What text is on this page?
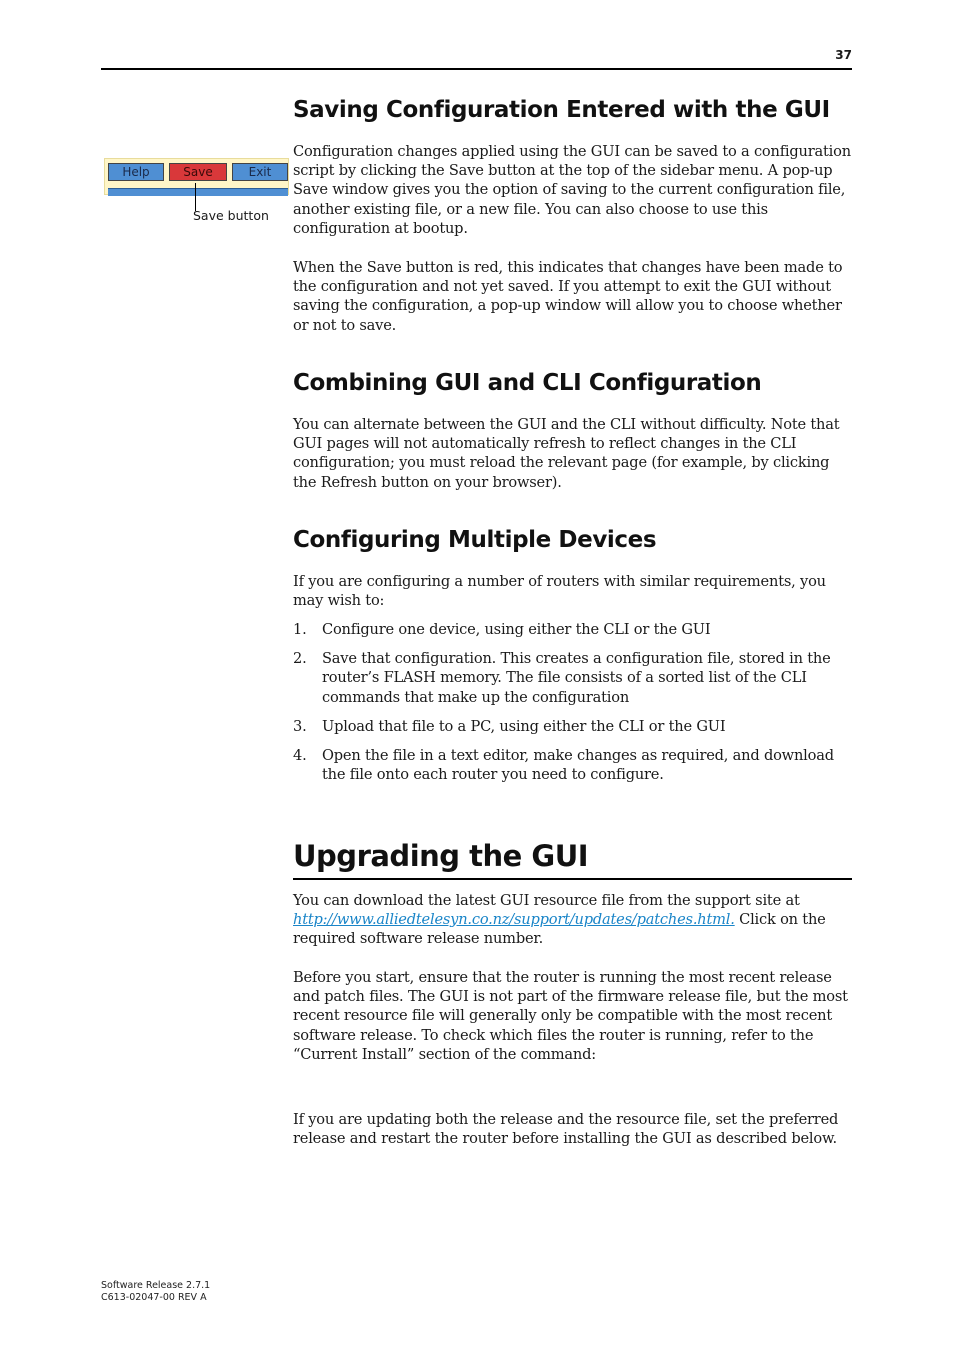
37
Help	Save	Exit
Save button
Saving Configuration Entered with the GUI

Configuration changes applied using the GUI can be saved to a configuration script by clicking the Save button at the top of the sidebar menu. A pop-up Save window gives you the option of saving to the current configuration file, another existing file, or a new file. You can also choose to use this configuration at bootup.

When the Save button is red, this indicates that changes have been made to the configuration and not yet saved. If you attempt to exit the GUI without saving the configuration, a pop-up window will allow you to choose whether or not to save.

Combining GUI and CLI Configuration

You can alternate between the GUI and the CLI without difficulty. Note that GUI pages will not automatically refresh to reflect changes in the CLI configuration; you must reload the relevant page (for example, by clicking the Refresh button on your browser).

Configuring Multiple Devices

If you are configuring a number of routers with similar requirements, you may wish to:

1. Configure one device, using either the CLI or the GUI
2. Save that configuration. This creates a configuration file, stored in the router’s FLASH memory. The file consists of a sorted list of the CLI commands that make up the configuration
3. Upload that file to a PC, using either the CLI or the GUI
4. Open the file in a text editor, make changes as required, and download the file onto each router you need to configure.
Upgrading the GUI

You can download the latest GUI resource file from the support site at http://www.alliedtelesyn.co.nz/support/updates/patches.html. Click on the required software release number.

Before you start, ensure that the router is running the most recent release and patch files. The GUI is not part of the firmware release file, but the most recent resource file will generally only be compatible with the most recent software release. To check which files the router is running, refer to the “Current Install” section of the command:

If you are updating both the release and the resource file, set the preferred release and restart the router before installing the GUI as described below.

Software Release 2.7.1
C613-02047-00 REV A
